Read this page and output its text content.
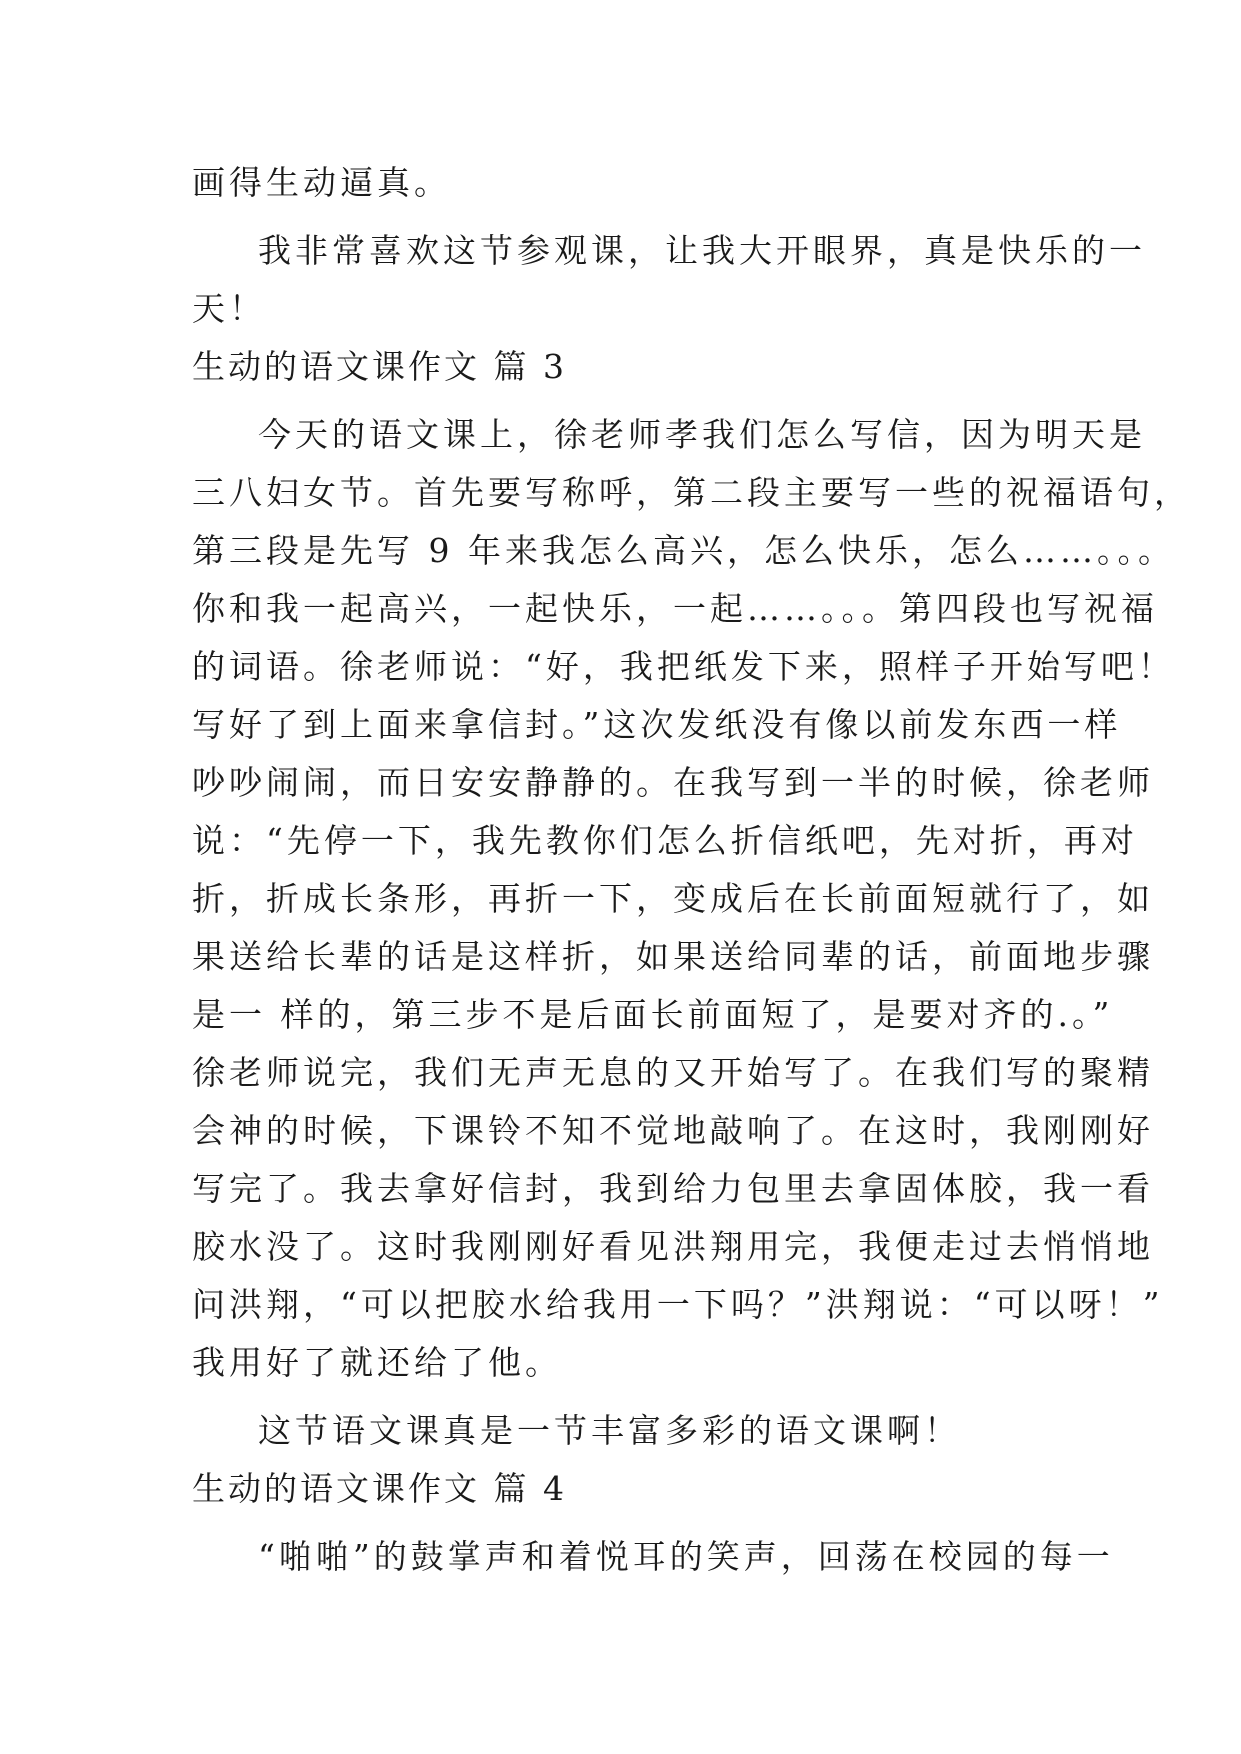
画得生动逼真。
我非常喜欢这节参观课，让我大开眼界，真是快乐的一
天！
生动的语文课作文 篇 3
今天的语文课上，徐老师孝我们怎么写信，因为明天是
三八妇女节。首先要写称呼，第二段主要写一些的祝福语句，
第三段是先写 9 年来我怎么高兴，怎么快乐，怎么……。。。
你和我一起高兴，一起快乐，一起……。。。第四段也写祝福
的词语。徐老师说：“好，我把纸发下来，照样子开始写吧！
写好了到上面来拿信封。”这次发纸没有像以前发东西一样
吵吵闹闹，而日安安静静的。在我写到一半的时候，徐老师
说：“先停一下，我先教你们怎么折信纸吧，先对折，再对
折，折成长条形，再折一下，变成后在长前面短就行了，如
果送给长辈的话是这样折，如果送给同辈的话，前面地步骤
是一 样的，第三步不是后面长前面短了，是要对齐的.。”
徐老师说完，我们无声无息的又开始写了。在我们写的聚精
会神的时候，下课铃不知不觉地敲响了。在这时，我刚刚好
写完了。我去拿好信封，我到给力包里去拿固体胶，我一看
胶水没了。这时我刚刚好看见洪翔用完，我便走过去悄悄地
问洪翔，“可以把胶水给我用一下吗？”洪翔说：“可以呀！”
我用好了就还给了他。
这节语文课真是一节丰富多彩的语文课啊！
生动的语文课作文 篇 4
“啪啪”的鼓掌声和着悦耳的笑声，回荡在校园的每一
